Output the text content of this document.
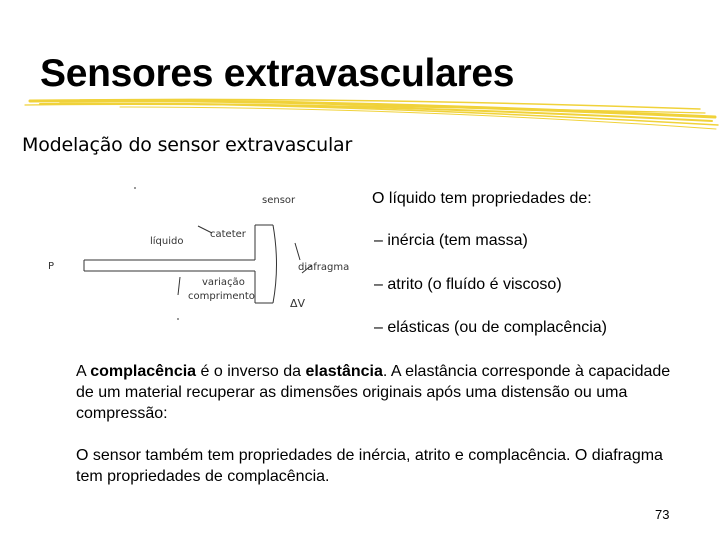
Sensores extravasculares
Modelação do sensor extravascular
sensor
cateter
líquido
P	diafragma
variação
comprimento
ΔV
O líquido tem propriedades de:
– inércia (tem massa)
– atrito (o fluído é viscoso)
– elásticas (ou de complacência)
A complacência é o inverso da elastância. A elastância corresponde à capacidade de um material recuperar as dimensões originais após uma distensão ou uma compressão:
O sensor também tem propriedades de inércia, atrito e complacência. O diafragma tem propriedades de complacência.
73
